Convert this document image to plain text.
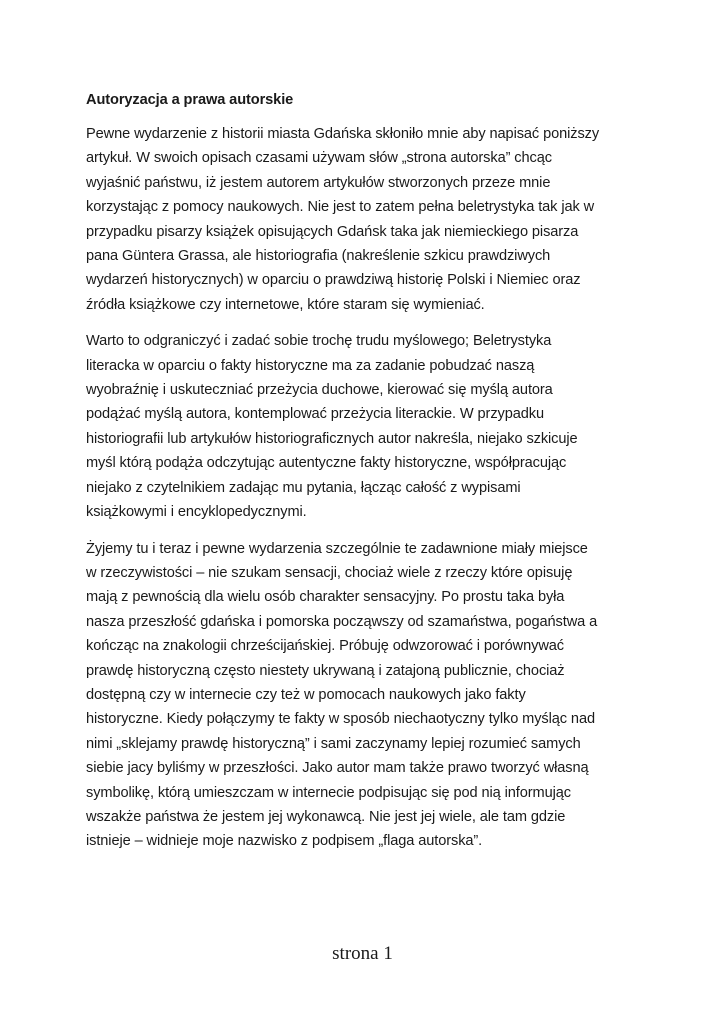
Autoryzacja a prawa autorskie

Pewne wydarzenie z historii miasta Gdańska skłoniło mnie aby napisać poniższy
artykuł. W swoich opisach czasami używam słów „strona autorska” chcąc
wyjaśnić państwu, iż jestem autorem artykułów stworzonych przeze mnie
korzystając z pomocy naukowych. Nie jest to zatem pełna beletrystyka tak jak w
przypadku pisarzy książek opisujących Gdańsk taka jak niemieckiego pisarza
pana Güntera Grassa, ale historiografia (nakreślenie szkicu prawdziwych
wydarzeń historycznych) w oparciu o prawdziwą historię Polski i Niemiec oraz
źródła książkowe czy internetowe, które staram się wymieniać.

Warto to odgraniczyć i zadać sobie trochę trudu myślowego; Beletrystyka
literacka w oparciu o fakty historyczne ma za zadanie pobudzać naszą
wyobraźnię i uskuteczniać przeżycia duchowe, kierować się myślą autora
podążać myślą autora, kontemplować przeżycia literackie. W przypadku
historiografii lub artykułów historiograficznych autor nakreśla, niejako szkicuje
myśl którą podąża odczytując autentyczne fakty historyczne, współpracując
niejako z czytelnikiem zadając mu pytania, łącząc całość z wypisami
książkowymi i encyklopedycznymi.

Żyjemy tu i teraz i pewne wydarzenia szczególnie te zadawnione miały miejsce
w rzeczywistości – nie szukam sensacji, chociaż wiele z rzeczy które opisuję
mają z pewnością dla wielu osób charakter sensacyjny. Po prostu taka była
nasza przeszłość gdańska i pomorska począwszy od szamaństwa, pogaństwa a
kończąc na znakologii chrześcijańskiej. Próbuję odwzorować i porównywać
prawdę historyczną często niestety ukrywaną i zatajoną publicznie, chociaż
dostępną czy w internecie czy też w pomocach naukowych jako fakty
historyczne. Kiedy połączymy te fakty w sposób niechaotyczny tylko myśląc nad
nimi „sklejamy prawdę historyczną” i sami zaczynamy lepiej rozumieć samych
siebie jacy byliśmy w przeszłości. Jako autor mam także prawo tworzyć własną
symbolikę, którą umieszczam w internecie podpisując się pod nią informując
wszakże państwa że jestem jej wykonawcą. Nie jest jej wiele, ale tam gdzie
istnieje – widnieje moje nazwisko z podpisem „flaga autorska”.

strona 1
